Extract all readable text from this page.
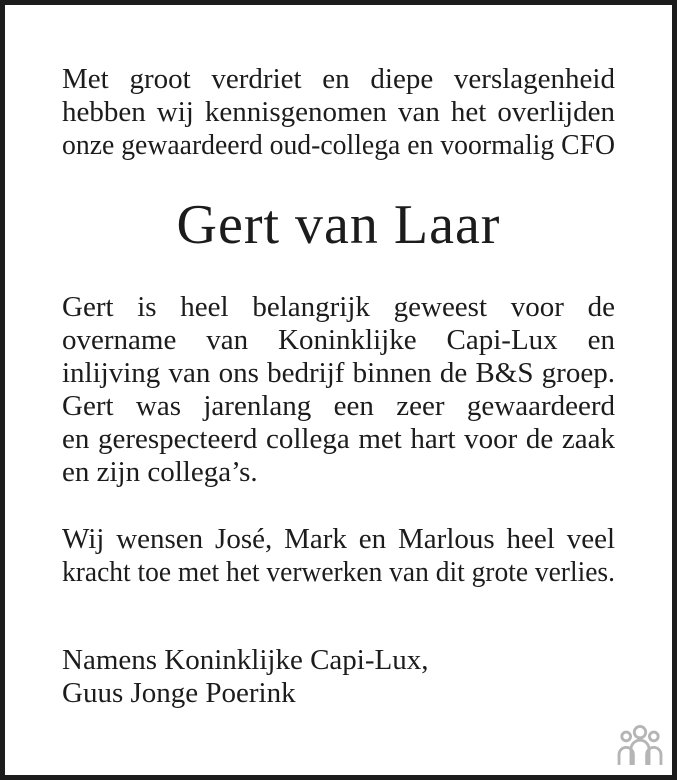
Met groot verdriet en diepe verslagenheid
hebben wij kennisgenomen van het overlijden
onze gewaardeerd oud-collega en voormalig CFO
Gert van Laar
Gert is heel belangrijk geweest voor de
overname van Koninklijke Capi-Lux en
inlijving van ons bedrijf binnen de B&S groep.
Gert was jarenlang een zeer gewaardeerd
en gerespecteerd collega met hart voor de zaak
en zijn collega’s.
Wij wensen José, Mark en Marlous heel veel
kracht toe met het verwerken van dit grote verlies.
Namens Koninklijke Capi-Lux,
Guus Jonge Poerink
